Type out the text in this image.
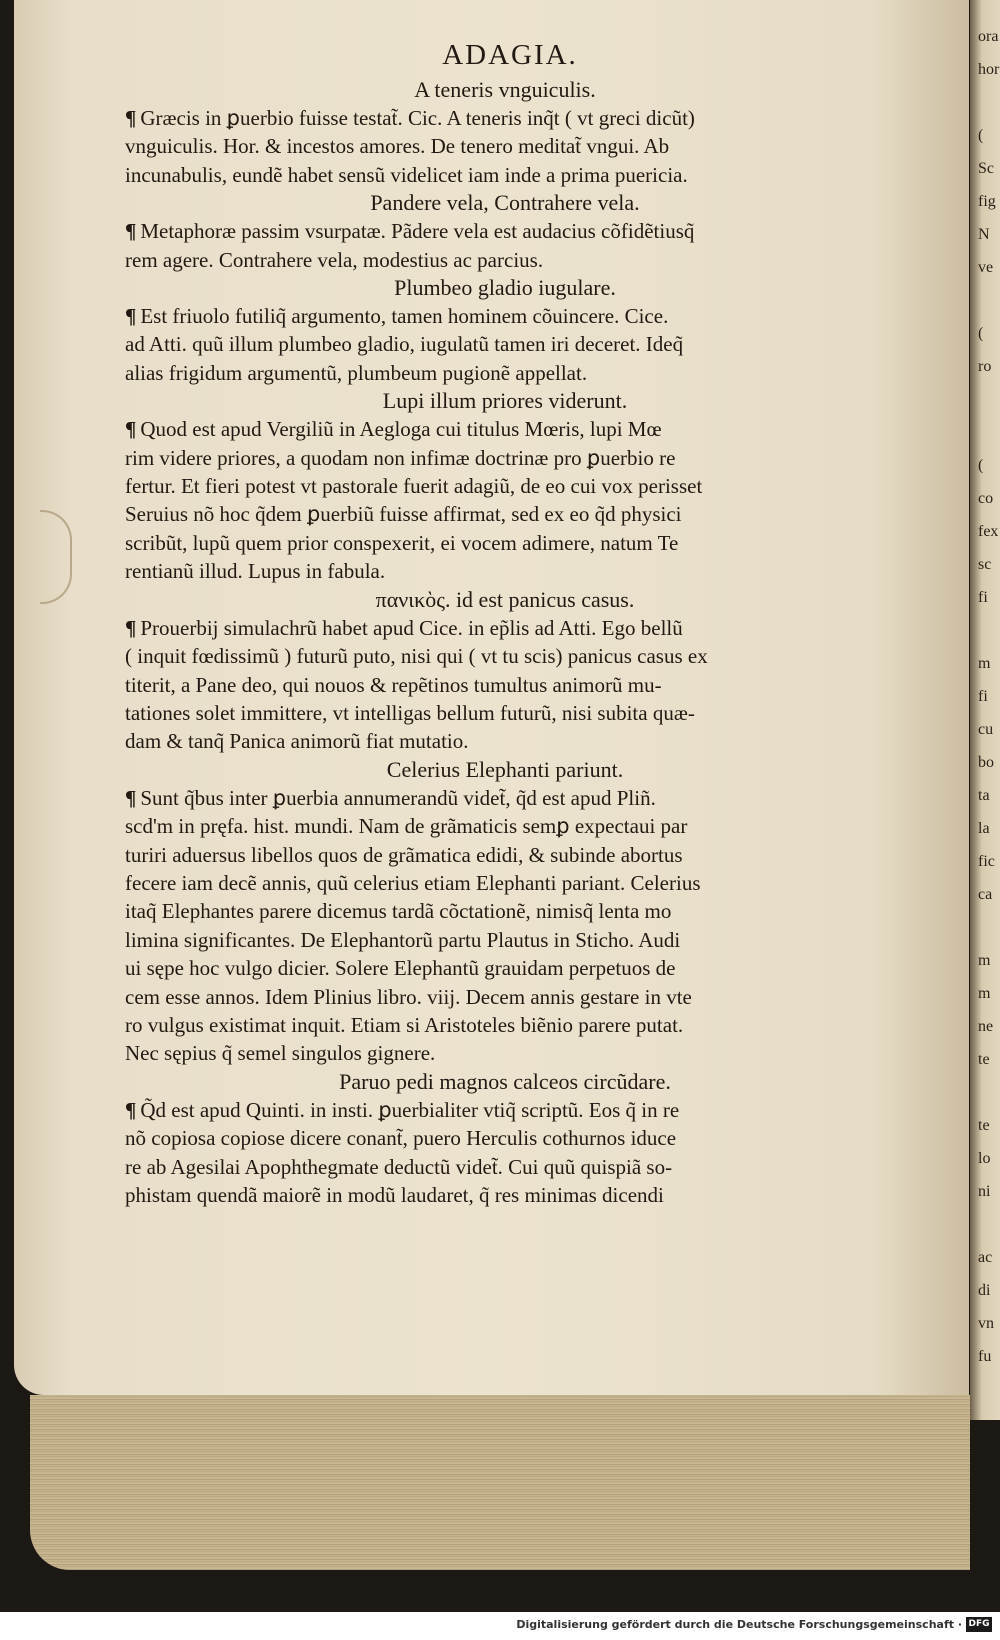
ora
hor
(
Sc
fig
N
ve
(
ro
(
co
fex
sc
fi
m
fi
cu
bo
ta
la
fic
ca
m
m
ne
te
te
lo
ni
ac
di
vn
fu
ADAGIA.
A teneris vnguiculis.
¶ Græcis in ꝑuerbio fuisse testat̃. Cic. A teneris inq̃t ( vt greci dicũt)
vnguiculis. Hor. & incestos amores. De tenero meditat̃ vngui. Ab
incunabulis, eundẽ habet sensũ videlicet iam inde a prima puericia.
Pandere vela, Contrahere vela.
¶ Metaphoræ passim vsurpatæ. Pãdere vela est audacius cõfidẽtiusq̃
rem agere. Contrahere vela, modestius ac parcius.
Plumbeo gladio iugulare.
¶ Est friuolo futiliq̃ argumento, tamen hominem cõuincere. Cice.
ad Atti. quũ illum plumbeo gladio, iugulatũ tamen iri deceret. Ideq̃
alias frigidum argumentũ, plumbeum pugionẽ appellat.
Lupi illum priores viderunt.
¶ Quod est apud Vergiliũ in Aegloga cui titulus Mœris, lupi Mœ
rim videre priores, a quodam non infimæ doctrinæ pro ꝑuerbio re
fertur. Et fieri potest vt pastorale fuerit adagiũ, de eo cui vox perisset
Seruius nõ hoc q̃dem ꝑuerbiũ fuisse affirmat, sed ex eo q̃d physici
scribũt, lupũ quem prior conspexerit, ei vocem adimere, natum Te
rentianũ illud. Lupus in fabula.
πανικὸς. id est panicus casus.
¶ Prouerbij simulachrũ habet apud Cice. in ep̃lis ad Atti. Ego bellũ
( inquit fœdissimũ ) futurũ puto, nisi qui ( vt tu scis) panicus casus ex
titerit, a Pane deo, qui nouos & repẽtinos tumultus animorũ mu-
tationes solet immittere, vt intelligas bellum futurũ, nisi subita quæ-
dam & tanq̃ Panica animorũ fiat mutatio.
Celerius Elephanti pariunt.
¶ Sunt q̃bus inter ꝑuerbia annumerandũ videt̃, q̃d est apud Pliñ.
scd'm in pręfa. hist. mundi. Nam de grãmaticis semꝑ expectaui par
turiri aduersus libellos quos de grãmatica edidi, & subinde abortus
fecere iam decẽ annis, quũ celerius etiam Elephanti pariant. Celerius
itaq̃ Elephantes parere dicemus tardã cõctationẽ, nimisq̃ lenta mo
limina significantes. De Elephantorũ partu Plautus in Sticho. Audi
ui sępe hoc vulgo dicier. Solere Elephantũ grauidam perpetuos de
cem esse annos. Idem Plinius libro. viij. Decem annis gestare in vte
ro vulgus existimat inquit. Etiam si Aristoteles biẽnio parere putat.
Nec sępius q̃ semel singulos gignere.
Paruo pedi magnos calceos circũdare.
¶ Q̃d est apud Quinti. in insti. ꝑuerbialiter vtiq̃ scriptũ. Eos q̃ in re
nõ copiosa copiose dicere conant̃, puero Herculis cothurnos iduce
re ab Agesilai Apophthegmate deductũ videt̃. Cui quũ quispiã so-
phistam quendã maiorẽ in modũ laudaret, q̃ res minimas dicendi
Digitalisierung gefördert durch die Deutsche Forschungsgemeinschaft · DFG
